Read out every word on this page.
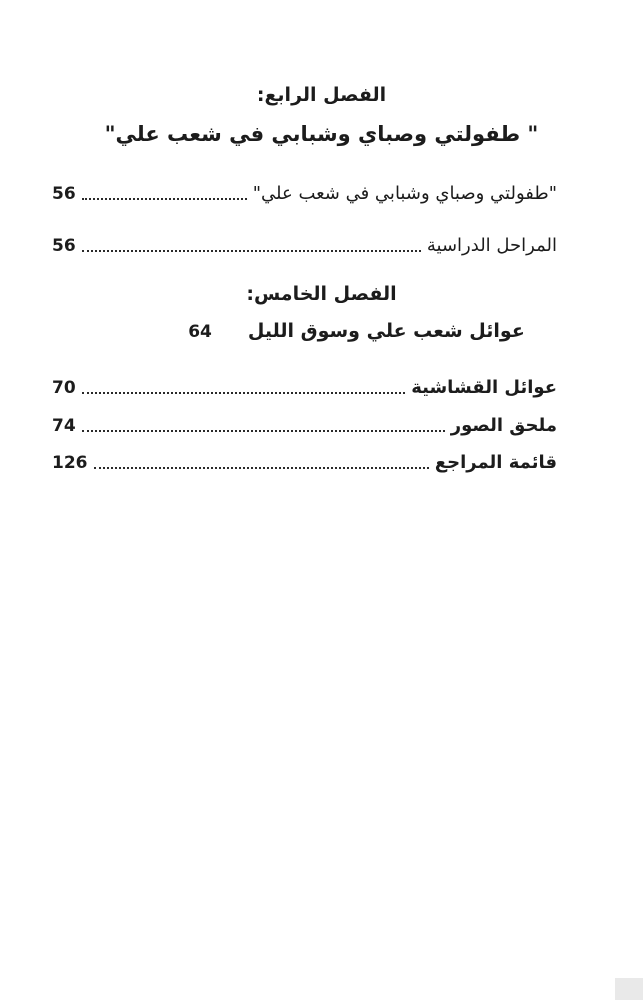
الفصل الرابع:
" طفولتي وصباي وشبابي في شعب علي"
"طفولتي وصباي وشبابي في شعب علي"
56
المراحل الدراسية
56
الفصل الخامس:
64 عوائل شعب علي وسوق الليل
عوائل القشاشية
70
ملحق الصور
74
قائمة المراجع
126
